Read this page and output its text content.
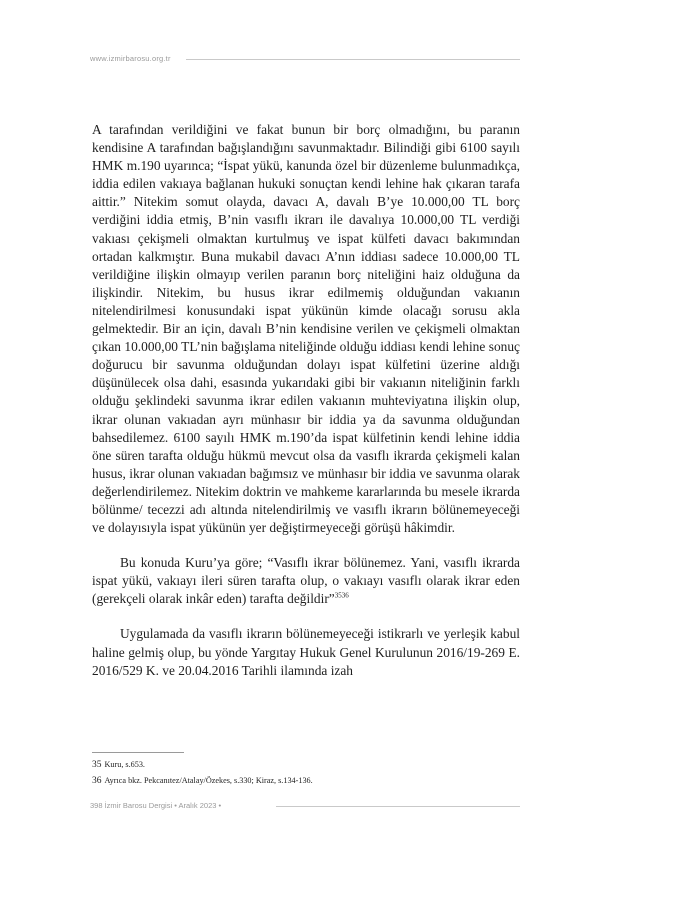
www.izmirbarosu.org.tr

A tarafından verildiğini ve fakat bunun bir borç olmadığını, bu paranın kendisine A tarafından bağışlandığını savunmaktadır. Bilindiği gibi 6100 sayılı HMK m.190 uyarınca; “İspat yükü, kanunda özel bir düzenleme bulunmadıkça, iddia edilen vakıaya bağlanan hukuki sonuçtan kendi lehine hak çıkaran tarafa aittir.” Nitekim somut olayda, davacı A, davalı B’ye 10.000,00 TL borç verdiğini iddia etmiş, B’nin vasıflı ikrarı ile davalıya 10.000,00 TL verdiği vakıası çekişmeli olmaktan kurtulmuş ve ispat külfeti davacı bakımından ortadan kalkmıştır. Buna mukabil davacı A’nın iddiası sadece 10.000,00 TL verildiğine ilişkin olmayıp verilen paranın borç niteliğini haiz olduğuna da ilişkindir. Nitekim, bu husus ikrar edilmemiş olduğundan vakıanın nitelendirilmesi konusundaki ispat yükünün kimde olacağı sorusu akla gelmektedir. Bir an için, davalı B’nin kendisine verilen ve çekişmeli olmaktan çıkan 10.000,00 TL’nin bağışlama niteliğinde olduğu iddiası kendi lehine sonuç doğurucu bir savunma olduğundan dolayı ispat külfetini üzerine aldığı düşünülecek olsa dahi, esasında yukarıdaki gibi bir vakıanın niteliğinin farklı olduğu şeklindeki savunma ikrar edilen vakıanın muhteviyatına ilişkin olup, ikrar olunan vakıadan ayrı münhasır bir iddia ya da savunma olduğundan bahsedilemez. 6100 sayılı HMK m.190’da ispat külfetinin kendi lehine iddia öne süren tarafta olduğu hükmü mevcut olsa da vasıflı ikrarda çekişmeli kalan husus, ikrar olunan vakıadan bağımsız ve münhasır bir iddia ve savunma olarak değerlendirilemez. Nitekim doktrin ve mahkeme kararlarında bu mesele ikrarda bölünme/ tecezzi adı altında nitelendirilmiş ve vasıflı ikrarın bölünemeyeceği ve dolayısıyla ispat yükünün yer değiştirmeyeceği görüşü hâkimdir.

Bu konuda Kuru’ya göre; “Vasıflı ikrar bölünemez. Yani, vasıflı ikrarda ispat yükü, vakıayı ileri süren tarafta olup, o vakıayı vasıflı olarak ikrar eden (gerekçeli olarak inkâr eden) tarafta değildir”$^{3536}$

Uygulamada da vasıflı ikrarın bölünemeyeceği istikrarlı ve yerleşik kabul haline gelmiş olup, bu yönde Yargıtay Hukuk Genel Kurulunun 2016/19-269 E. 2016/529 K. ve 20.04.2016 Tarihli ilamında izah

35 Kuru, s.653.
36 Ayrıca bkz. Pekcanıtez/Atalay/Özekes, s.330; Kiraz, s.134-136.
398 İzmir Barosu Dergisi • Aralık 2023 •
